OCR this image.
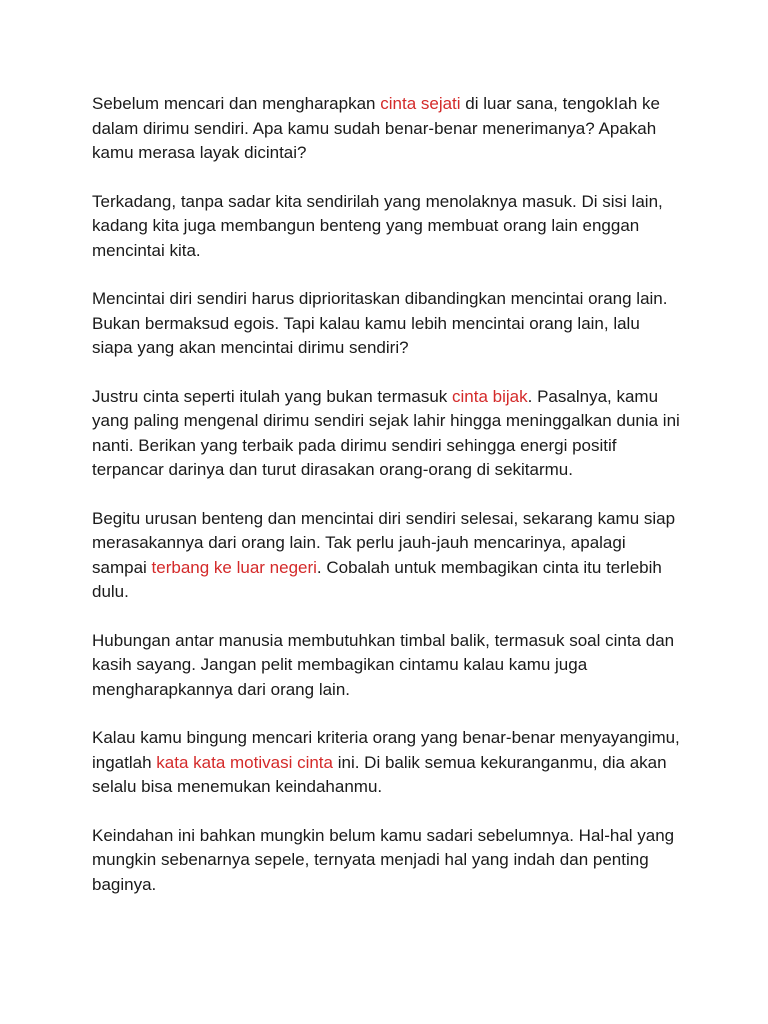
Sebelum mencari dan mengharapkan cinta sejati di luar sana, tengokIah ke dalam dirimu sendiri. Apa kamu sudah benar-benar menerimanya? Apakah kamu merasa layak dicintai?

Terkadang, tanpa sadar kita sendirilah yang menolaknya masuk. Di sisi lain, kadang kita juga membangun benteng yang membuat orang lain enggan mencintai kita.

Mencintai diri sendiri harus diprioritaskan dibandingkan mencintai orang lain. Bukan bermaksud egois. Tapi kalau kamu lebih mencintai orang lain, lalu siapa yang akan mencintai dirimu sendiri?

Justru cinta seperti itulah yang bukan termasuk cinta bijak. Pasalnya, kamu yang paling mengenal dirimu sendiri sejak lahir hingga meninggalkan dunia ini nanti. Berikan yang terbaik pada dirimu sendiri sehingga energi positif terpancar darinya dan turut dirasakan orang-orang di sekitarmu.

Begitu urusan benteng dan mencintai diri sendiri selesai, sekarang kamu siap merasakannya dari orang lain. Tak perlu jauh-jauh mencarinya, apalagi sampai terbang ke luar negeri. Cobalah untuk membagikan cinta itu terlebih dulu.

Hubungan antar manusia membutuhkan timbal balik, termasuk soal cinta dan kasih sayang. Jangan pelit membagikan cintamu kalau kamu juga mengharapkannya dari orang lain.

Kalau kamu bingung mencari kriteria orang yang benar-benar menyayangimu, ingatlah kata kata motivasi cinta ini. Di balik semua kekuranganmu, dia akan selalu bisa menemukan keindahanmu.

Keindahan ini bahkan mungkin belum kamu sadari sebelumnya. Hal-hal yang mungkin sebenarnya sepele, ternyata menjadi hal yang indah dan penting baginya.
